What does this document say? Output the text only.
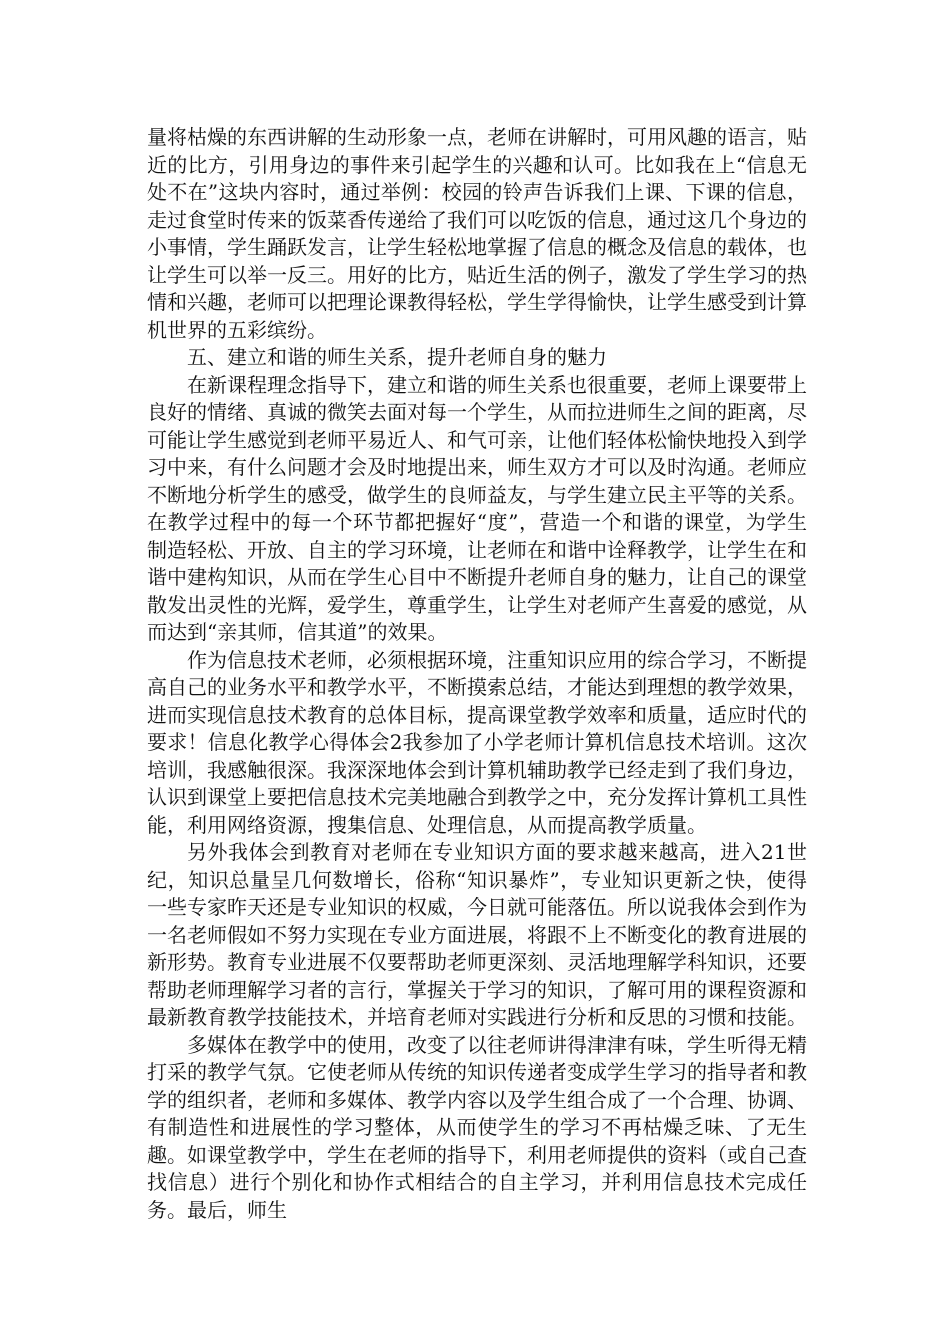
量将枯燥的东西讲解的生动形象一点，老师在讲解时，可用风趣的语言，贴近的比方，引用身边的事件来引起学生的兴趣和认可。比如我在上“信息无处不在”这块内容时，通过举例：校园的铃声告诉我们上课、下课的信息，走过食堂时传来的饭菜香传递给了我们可以吃饭的信息，通过这几个身边的小事情，学生踊跃发言，让学生轻松地掌握了信息的概念及信息的载体，也让学生可以举一反三。用好的比方，贴近生活的例子，激发了学生学习的热情和兴趣，老师可以把理论课教得轻松，学生学得愉快，让学生感受到计算机世界的五彩缤纷。

五、建立和谐的师生关系，提升老师自身的魅力

在新课程理念指导下，建立和谐的师生关系也很重要，老师上课要带上良好的情绪、真诚的微笑去面对每一个学生，从而拉进师生之间的距离，尽可能让学生感觉到老师平易近人、和气可亲，让他们轻体松愉快地投入到学习中来，有什么问题才会及时地提出来，师生双方才可以及时沟通。老师应不断地分析学生的感受，做学生的良师益友，与学生建立民主平等的关系。在教学过程中的每一个环节都把握好“度”，营造一个和谐的课堂，为学生制造轻松、开放、自主的学习环境，让老师在和谐中诠释教学，让学生在和谐中建构知识，从而在学生心目中不断提升老师自身的魅力，让自己的课堂散发出灵性的光辉，爱学生，尊重学生，让学生对老师产生喜爱的感觉，从而达到“亲其师，信其道”的效果。

作为信息技术老师，必须根据环境，注重知识应用的综合学习，不断提高自己的业务水平和教学水平，不断摸索总结，才能达到理想的教学效果，进而实现信息技术教育的总体目标，提高课堂教学效率和质量，适应时代的要求！信息化教学心得体会2我参加了小学老师计算机信息技术培训。这次培训，我感触很深。我深深地体会到计算机辅助教学已经走到了我们身边，认识到课堂上要把信息技术完美地融合到教学之中，充分发挥计算机工具性能，利用网络资源，搜集信息、处理信息，从而提高教学质量。

另外我体会到教育对老师在专业知识方面的要求越来越高，进入21世纪，知识总量呈几何数增长，俗称“知识暴炸”，专业知识更新之快，使得一些专家昨天还是专业知识的权威，今日就可能落伍。所以说我体会到作为一名老师假如不努力实现在专业方面进展，将跟不上不断变化的教育进展的新形势。教育专业进展不仅要帮助老师更深刻、灵活地理解学科知识，还要帮助老师理解学习者的言行，掌握关于学习的知识，了解可用的课程资源和最新教育教学技能技术，并培育老师对实践进行分析和反思的习惯和技能。

多媒体在教学中的使用，改变了以往老师讲得津津有味，学生听得无精打采的教学气氛。它使老师从传统的知识传递者变成学生学习的指导者和教学的组织者，老师和多媒体、教学内容以及学生组合成了一个合理、协调、有制造性和进展性的学习整体，从而使学生的学习不再枯燥乏味、了无生趣。如课堂教学中，学生在老师的指导下，利用老师提供的资料（或自己查找信息）进行个别化和协作式相结合的自主学习，并利用信息技术完成任务。最后，师生
